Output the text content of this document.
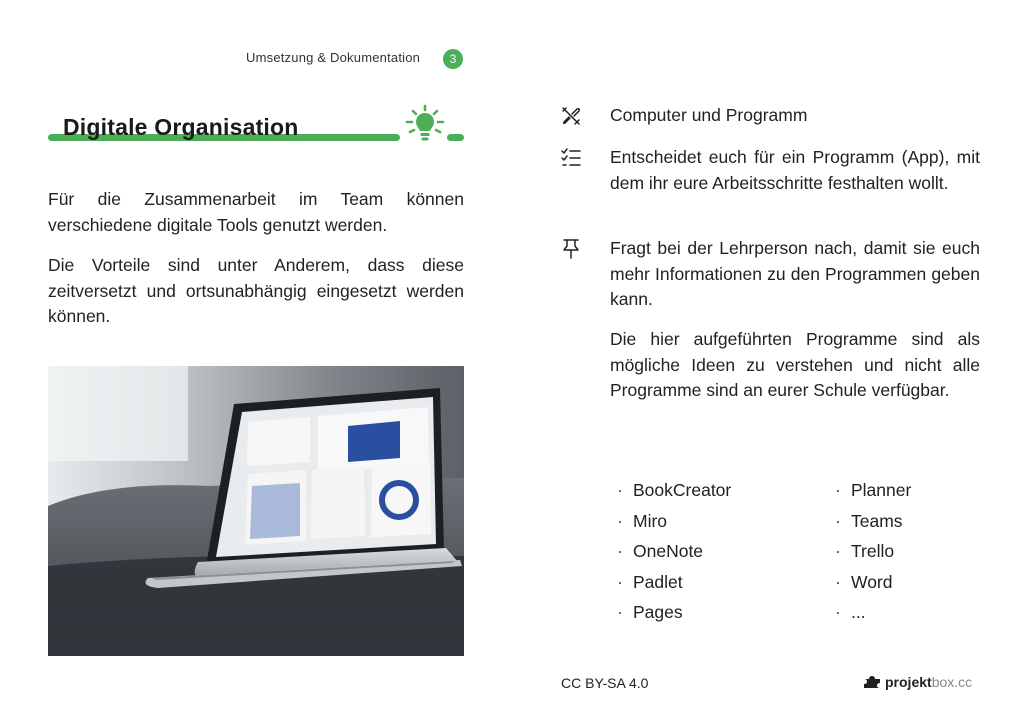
Umsetzung & Dokumentation	3
Digitale Organisation
Für die Zusammenarbeit im Team können verschiedene digitale Tools genutzt werden.
Die Vorteile sind unter Anderem, dass diese zeitversetzt und ortsunabhängig eingesetzt werden können.
Computer und Programm
Entscheidet euch für ein Programm (App), mit dem ihr eure Arbeitsschritte festhalten wollt.
Fragt bei der Lehrperson nach, damit sie euch mehr Informationen zu den Programmen geben kann.
Die hier aufgeführten Programme sind als mögliche Ideen zu verstehen und nicht alle Programme sind an eurer Schule verfügbar.
· BookCreator
· Miro
· OneNote
· Padlet
· Pages
· Planner
· Teams
· Trello
· Word
· ...
CC BY-SA 4.0	projektbox.cc
